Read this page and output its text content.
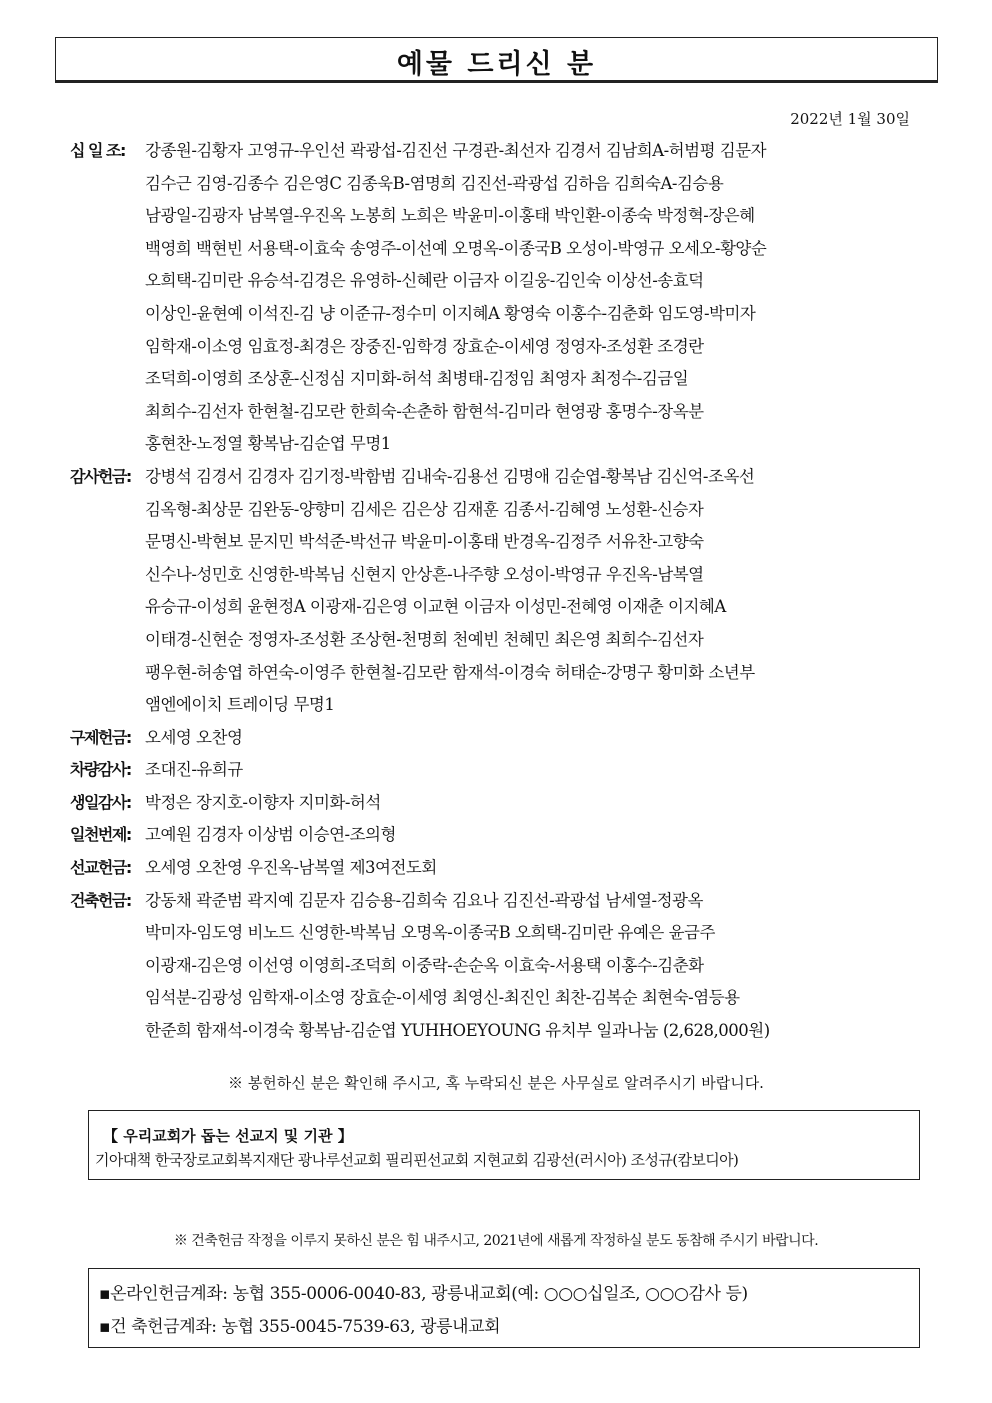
예물 드리신 분
2022년 1월 30일
십 일 조: 강종원-김황자 고영규-우인선 곽광섭-김진선 구경관-최선자 김경서 김남희A-허범평 김문자
김수근 김영-김종수 김은영C 김종욱B-염명희 김진선-곽광섭 김하음 김희숙A-김승용
남광일-김광자 남복열-우진옥 노봉희 노희은 박윤미-이홍태 박인환-이종숙 박정혁-장은혜
백영희 백현빈 서용택-이효숙 송영주-이선예 오명옥-이종국B 오성이-박영규 오세오-황양순
오희택-김미란 유승석-김경은 유영하-신혜란 이금자 이길웅-김인숙 이상선-송효덕
이상인-윤현예 이석진-김 냥 이준규-정수미 이지혜A 황영숙 이홍수-김춘화 임도영-박미자
임학재-이소영 임효정-최경은 장중진-임학경 장효순-이세영 정영자-조성환 조경란
조덕희-이영희 조상훈-신정심 지미화-허석 최병태-김정임 최영자 최정수-김금일
최희수-김선자 한현철-김모란 한희숙-손춘하 함현석-김미라 현영광 홍명수-장옥분
홍현찬-노정열 황복남-김순엽 무명1
감사헌금: 강병석 김경서 김경자 김기정-박함범 김내숙-김용선 김명애 김순엽-황복남 김신억-조옥선
김옥형-최상문 김완동-양향미 김세은 김은상 김재훈 김종서-김혜영 노성환-신승자
문명신-박현보 문지민 박석준-박선규 박윤미-이홍태 반경옥-김정주 서유찬-고향숙
신수나-성민호 신영한-박복님 신현지 안상흔-나주향 오성이-박영규 우진옥-남복열
유승규-이성희 윤현정A 이광재-김은영 이교현 이금자 이성민-전혜영 이재춘 이지혜A
이태경-신현순 정영자-조성환 조상현-천명희 천예빈 천혜민 최은영 최희수-김선자
팽우현-허송엽 하연숙-이영주 한현철-김모란 함재석-이경숙 허태순-강명구 황미화 소년부
앰엔에이치 트레이딩 무명1
구제헌금: 오세영 오찬영
차량감사: 조대진-유희규
생일감사: 박정은 장지호-이향자 지미화-허석
일천번제: 고예원 김경자 이상범 이승연-조의형
선교헌금: 오세영 오찬영 우진옥-남복열 제3여전도회
건축헌금: 강동채 곽준범 곽지예 김문자 김승용-김희숙 김요나 김진선-곽광섭 남세열-정광옥
박미자-임도영 비노드 신영한-박복님 오명옥-이종국B 오희택-김미란 유예은 윤금주
이광재-김은영 이선영 이영희-조덕희 이중락-손순옥 이효숙-서용택 이홍수-김춘화
임석분-김광성 임학재-이소영 장효순-이세영 최영신-최진인 최찬-김복순 최현숙-염등용
한준희 함재석-이경숙 황복남-김순엽 YUHHOEYOUNG 유치부 일과나눔 (2,628,000원)
※ 봉헌하신 분은 확인해 주시고, 혹 누락되신 분은 사무실로 알려주시기 바랍니다.
【 우리교회가 돕는 선교지 및 기관 】
기아대책 한국장로교회복지재단 광나루선교회 필리핀선교회 지현교회 김광선(러시아) 조성규(캄보디아)
※ 건축헌금 작정을 이루지 못하신 분은 힘 내주시고, 2021년에 새롭게 작정하실 분도 동참해 주시기 바랍니다.
▪온라인헌금계좌: 농협 355-0006-0040-83, 광릉내교회(예: ○○○십일조, ○○○감사 등)
▪건 축헌금계좌: 농협 355-0045-7539-63, 광릉내교회
